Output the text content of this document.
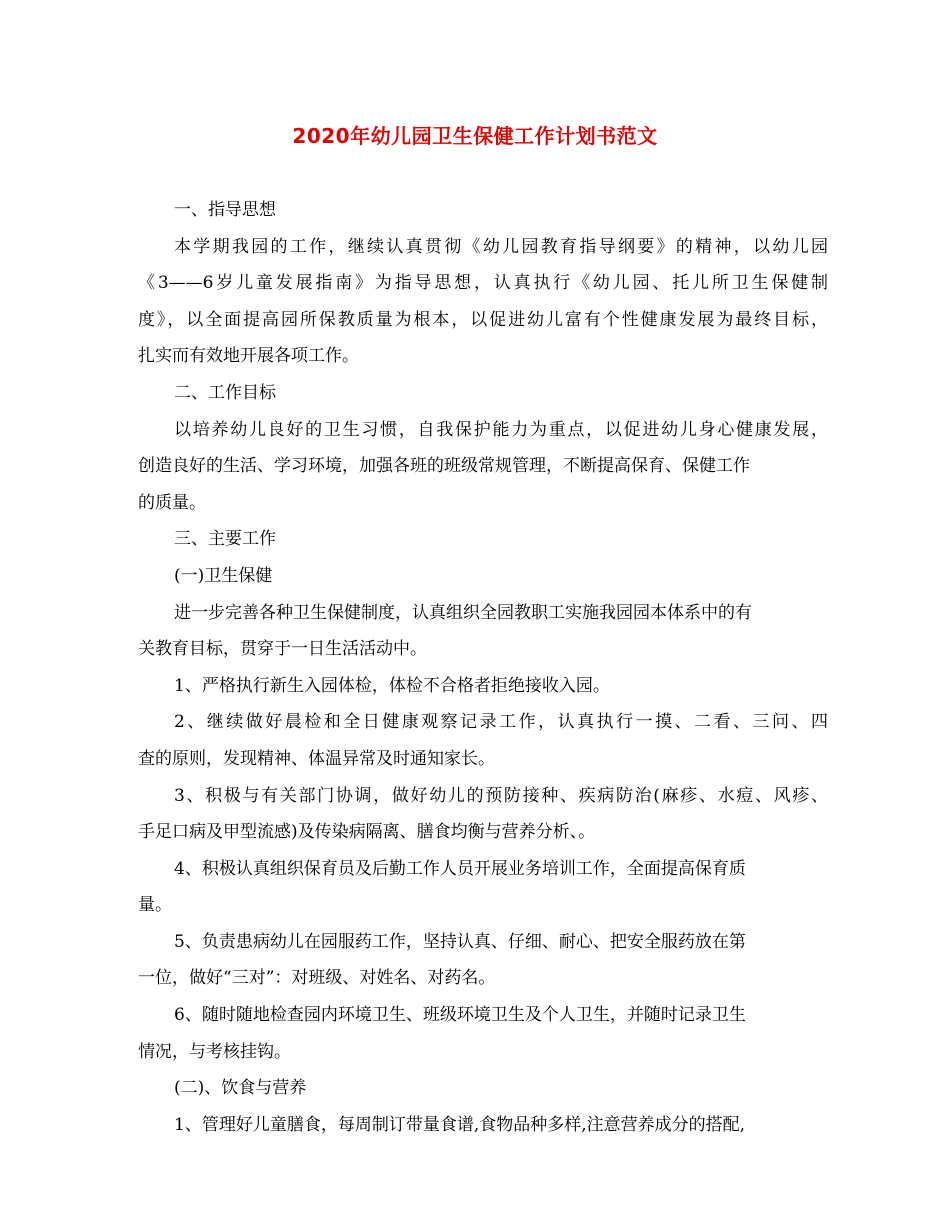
2020年幼儿园卫生保健工作计划书范文
一、指导思想
本学期我园的工作，继续认真贯彻《幼儿园教育指导纲要》的精神，以幼儿园
《3——6岁儿童发展指南》为指导思想，认真执行《幼儿园、托儿所卫生保健制
度》，以全面提高园所保教质量为根本，以促进幼儿富有个性健康发展为最终目标，
扎实而有效地开展各项工作。
二、工作目标
以培养幼儿良好的卫生习惯，自我保护能力为重点，以促进幼儿身心健康发展，
创造良好的生活、学习环境，加强各班的班级常规管理，不断提高保育、保健工作
的质量。
三、主要工作
(一)卫生保健
进一步完善各种卫生保健制度，认真组织全园教职工实施我园园本体系中的有
关教育目标，贯穿于一日生活活动中。
1、严格执行新生入园体检，体检不合格者拒绝接收入园。
2、继续做好晨检和全日健康观察记录工作，认真执行一摸、二看、三问、四
查的原则，发现精神、体温异常及时通知家长。
3、积极与有关部门协调，做好幼儿的预防接种、疾病防治(麻疹、水痘、风疹、
手足口病及甲型流感)及传染病隔离、膳食均衡与营养分析、。
4、积极认真组织保育员及后勤工作人员开展业务培训工作，全面提高保育质
量。
5、负责患病幼儿在园服药工作，坚持认真、仔细、耐心、把安全服药放在第
一位，做好“三对”：对班级、对姓名、对药名。
6、随时随地检查园内环境卫生、班级环境卫生及个人卫生，并随时记录卫生
情况，与考核挂钩。
(二)、饮食与营养
1、管理好儿童膳食，每周制订带量食谱,食物品种多样,注意营养成分的搭配,
